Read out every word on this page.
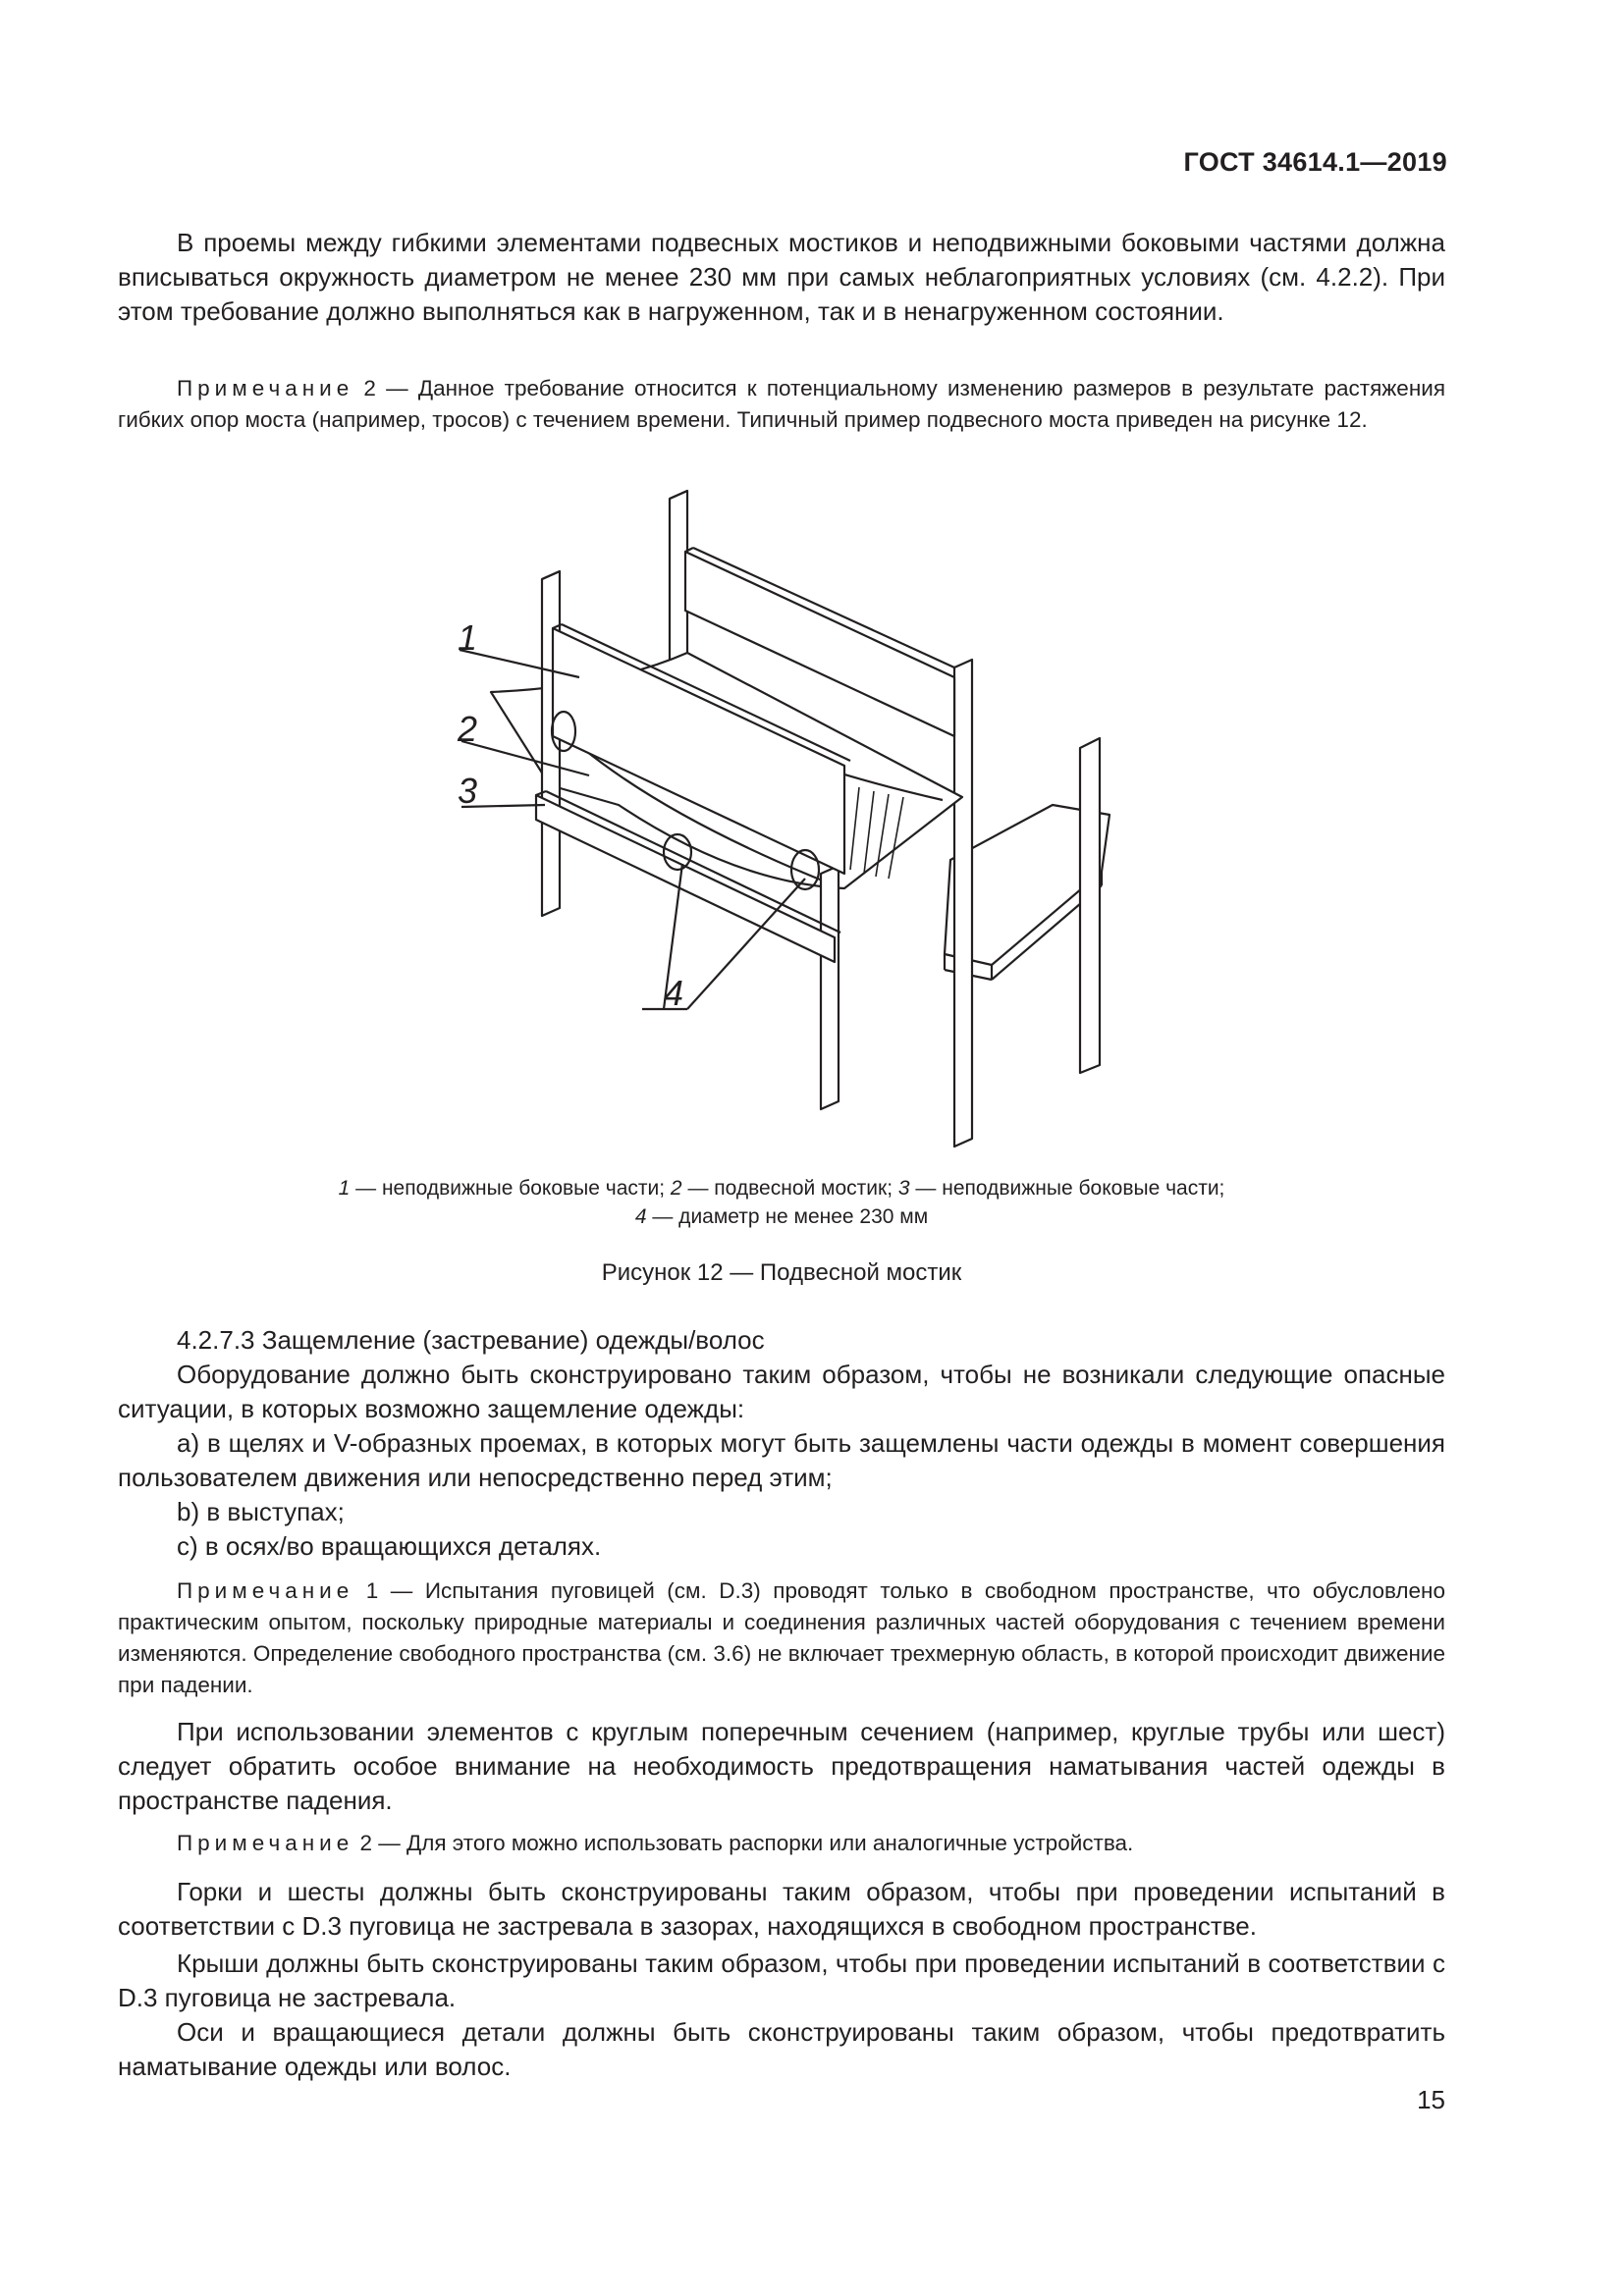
ГОСТ 34614.1—2019
В проемы между гибкими элементами подвесных мостиков и неподвижными боковыми частями должна вписываться окружность диаметром не менее 230 мм при самых неблагоприятных условиях (см. 4.2.2). При этом требование должно выполняться как в нагруженном, так и в ненагруженном состоянии.
Примечание 2 — Данное требование относится к потенциальному изменению размеров в результате растяжения гибких опор моста (например, тросов) с течением времени. Типичный пример подвесного моста приведен на рисунке 12.
1
2
3
4
1 — неподвижные боковые части; 2 — подвесной мостик; 3 — неподвижные боковые части;
4 — диаметр не менее 230 мм
Рисунок 12 — Подвесной мостик
4.2.7.3 Защемление (застревание) одежды/волос
Оборудование должно быть сконструировано таким образом, чтобы не возникали следующие опасные ситуации, в которых возможно защемление одежды:
a) в щелях и V-образных проемах, в которых могут быть защемлены части одежды в момент совершения пользователем движения или непосредственно перед этим;
b) в выступах;
c) в осях/во вращающихся деталях.
Примечание 1 — Испытания пуговицей (см. D.3) проводят только в свободном пространстве, что обусловлено практическим опытом, поскольку природные материалы и соединения различных частей оборудования с течением времени изменяются. Определение свободного пространства (см. 3.6) не включает трехмерную область, в которой происходит движение при падении.
При использовании элементов с круглым поперечным сечением (например, круглые трубы или шест) следует обратить особое внимание на необходимость предотвращения наматывания частей одежды в пространстве падения.
Примечание 2 — Для этого можно использовать распорки или аналогичные устройства.
Горки и шесты должны быть сконструированы таким образом, чтобы при проведении испытаний в соответствии с D.3 пуговица не застревала в зазорах, находящихся в свободном пространстве.
Крыши должны быть сконструированы таким образом, чтобы при проведении испытаний в соответствии с D.3 пуговица не застревала.
Оси и вращающиеся детали должны быть сконструированы таким образом, чтобы предотвратить наматывание одежды или волос.
15
